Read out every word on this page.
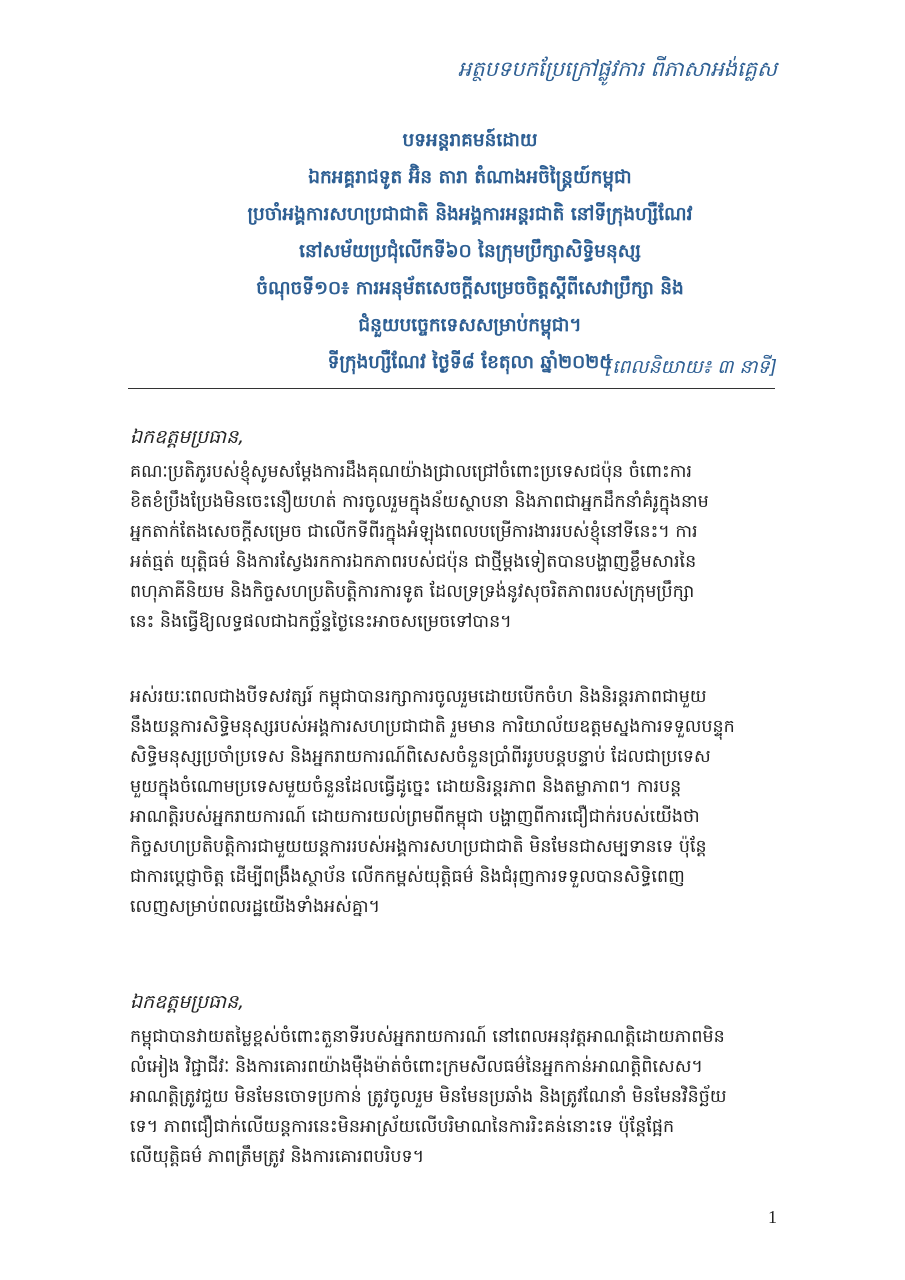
អត្ថបទបកប្រែក្រៅផ្លូវការ ពីភាសាអង់គ្លេស
បទអន្តរាគមន៍ដោយ
ឯកអគ្គរាជទូត អ៊ិន តារា តំណាងអចិន្ត្រៃយ៍កម្ពុជា
ប្រចាំអង្គការសហប្រជាជាតិ និងអង្គការអន្តរជាតិ នៅទីក្រុងហ្សឺណែវ
នៅសម័យប្រជុំលើកទី៦០ នៃក្រុមប្រឹក្សាសិទ្ធិមនុស្ស
ចំណុចទី១០៖ ការអនុម័តសេចក្តីសម្រេចចិត្តស្តីពីសេវាប្រឹក្សា និង
ជំនួយបច្ចេកទេសសម្រាប់កម្ពុជា។
ទីក្រុងហ្សឺណែវ ថ្ងៃទី៨ ខែតុលា ឆ្នាំ២០២៥
[ពេលនិយាយ៖ ៣ នាទី]
ឯកឧត្តមប្រធាន,
គណៈប្រតិភូរបស់ខ្ញុំសូមសម្តែងការដឹងគុណយ៉ាងជ្រាលជ្រៅចំពោះប្រទេសជប៉ុន ចំពោះការ
ខិតខំប្រឹងប្រែងមិនចេះនឿយហត់ ការចូលរួមក្នុងន័យស្ថាបនា និងភាពជាអ្នកដឹកនាំគំរូក្នុងនាម
អ្នកតាក់តែងសេចក្តីសម្រេច ជាលើកទីពីរក្នុងអំឡុងពេលបម្រើការងាររបស់ខ្ញុំនៅទីនេះ។ ការ
អត់ធ្មត់ យុត្តិធម៌ និងការស្វែងរកការឯកភាពរបស់ជប៉ុន ជាថ្មីម្តងទៀតបានបង្ហាញខ្លឹមសារនៃ
ពហុភាគីនិយម និងកិច្ចសហប្រតិបត្តិការការទូត ដែលទ្រទ្រង់នូវសុចរិតភាពរបស់ក្រុមប្រឹក្សា
នេះ និងធ្វើឱ្យលទ្ធផលជាឯកច្ឆ័ន្ទថ្ងៃនេះអាចសម្រេចទៅបាន។
អស់រយៈពេលជាងបីទសវត្សរ៍ កម្ពុជាបានរក្សាការចូលរួមដោយបើកចំហ និងនិរន្តរភាពជាមួយ
នឹងយន្តការសិទ្ធិមនុស្សរបស់អង្គការសហប្រជាជាតិ រួមមាន ការិយាល័យឧត្តមស្នងការទទួលបន្ទុក
សិទ្ធិមនុស្សប្រចាំប្រទេស និងអ្នករាយការណ៍ពិសេសចំនួនប្រាំពីររូបបន្តបន្ទាប់ ដែលជាប្រទេស
មួយក្នុងចំណោមប្រទេសមួយចំនួនដែលធ្វើដូច្នេះ ដោយនិរន្តរភាព និងតម្លាភាព។ ការបន្ត
អាណត្តិរបស់អ្នករាយការណ៍ ដោយការយល់ព្រមពីកម្ពុជា បង្ហាញពីការជឿជាក់របស់យើងថា
កិច្ចសហប្រតិបត្តិការជាមួយយន្តការរបស់អង្គការសហប្រជាជាតិ មិនមែនជាសម្បទានទេ ប៉ុន្តែ
ជាការប្តេជ្ញាចិត្ត ដើម្បីពង្រឹងស្ថាប័ន លើកកម្ពស់យុត្តិធម៌ និងជំរុញការទទួលបានសិទ្ធិពេញ
លេញសម្រាប់ពលរដ្ឋយើងទាំងអស់គ្នា។
ឯកឧត្តមប្រធាន,
កម្ពុជាបានវាយតម្លៃខ្ពស់ចំពោះតួនាទីរបស់អ្នករាយការណ៍ នៅពេលអនុវត្តអាណត្តិដោយភាពមិន
លំអៀង វិជ្ជាជីវៈ និងការគោរពយ៉ាងម៉ឺងម៉ាត់ចំពោះក្រមសីលធម៌នៃអ្នកកាន់អាណត្តិពិសេស។
អាណត្តិត្រូវជួយ មិនមែនចោទប្រកាន់ ត្រូវចូលរួម មិនមែនប្រឆាំង និងត្រូវណែនាំ មិនមែនវិនិច្ឆ័យ
ទេ។ ភាពជឿជាក់លើយន្តការនេះមិនអាស្រ័យលើបរិមាណនៃការរិះគន់នោះទេ ប៉ុន្តែផ្អែក
លើយុត្តិធម៌ ភាពត្រឹមត្រូវ និងការគោរពបរិបទ។
1
